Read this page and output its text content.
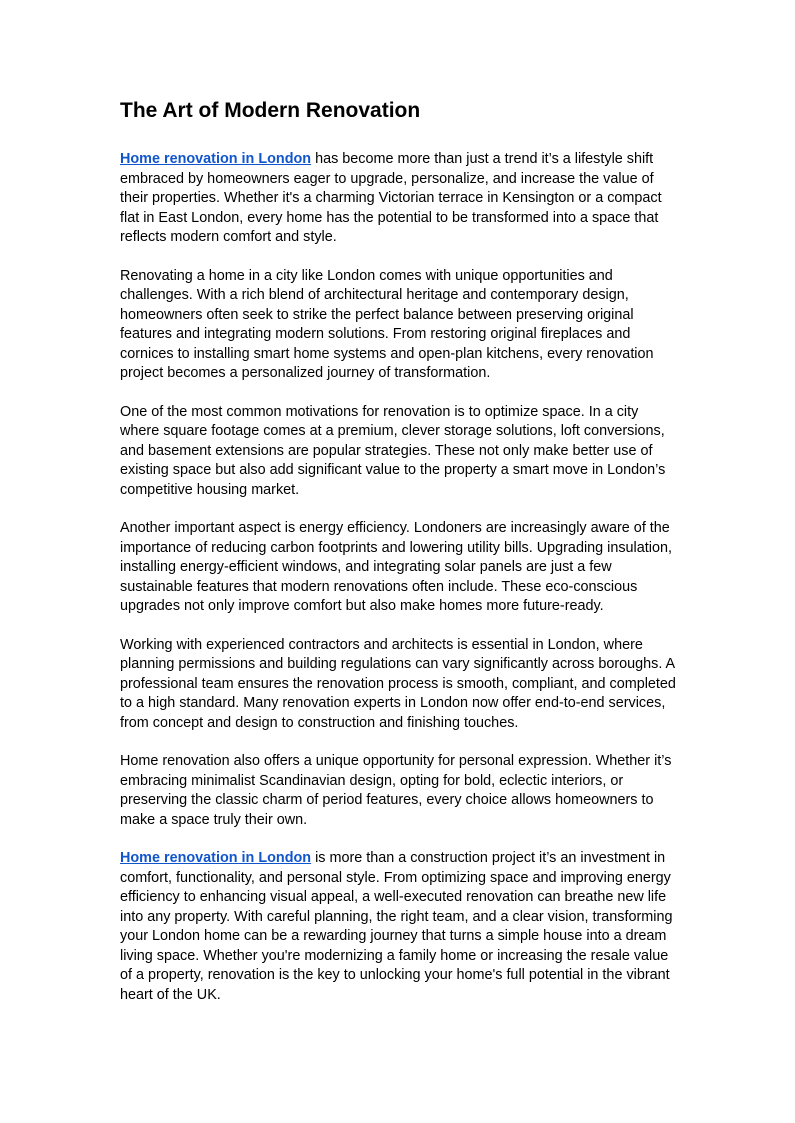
The Art of Modern Renovation

Home renovation in London has become more than just a trend it’s a lifestyle shift embraced by homeowners eager to upgrade, personalize, and increase the value of their properties. Whether it's a charming Victorian terrace in Kensington or a compact flat in East London, every home has the potential to be transformed into a space that reflects modern comfort and style.

Renovating a home in a city like London comes with unique opportunities and challenges. With a rich blend of architectural heritage and contemporary design, homeowners often seek to strike the perfect balance between preserving original features and integrating modern solutions. From restoring original fireplaces and cornices to installing smart home systems and open-plan kitchens, every renovation project becomes a personalized journey of transformation.

One of the most common motivations for renovation is to optimize space. In a city where square footage comes at a premium, clever storage solutions, loft conversions, and basement extensions are popular strategies. These not only make better use of existing space but also add significant value to the property a smart move in London’s competitive housing market.

Another important aspect is energy efficiency. Londoners are increasingly aware of the importance of reducing carbon footprints and lowering utility bills. Upgrading insulation, installing energy-efficient windows, and integrating solar panels are just a few sustainable features that modern renovations often include. These eco-conscious upgrades not only improve comfort but also make homes more future-ready.

Working with experienced contractors and architects is essential in London, where planning permissions and building regulations can vary significantly across boroughs. A professional team ensures the renovation process is smooth, compliant, and completed to a high standard. Many renovation experts in London now offer end-to-end services, from concept and design to construction and finishing touches.

Home renovation also offers a unique opportunity for personal expression. Whether it’s embracing minimalist Scandinavian design, opting for bold, eclectic interiors, or preserving the classic charm of period features, every choice allows homeowners to make a space truly their own.

Home renovation in London is more than a construction project it’s an investment in comfort, functionality, and personal style. From optimizing space and improving energy efficiency to enhancing visual appeal, a well-executed renovation can breathe new life into any property. With careful planning, the right team, and a clear vision, transforming your London home can be a rewarding journey that turns a simple house into a dream living space. Whether you're modernizing a family home or increasing the resale value of a property, renovation is the key to unlocking your home's full potential in the vibrant heart of the UK.
